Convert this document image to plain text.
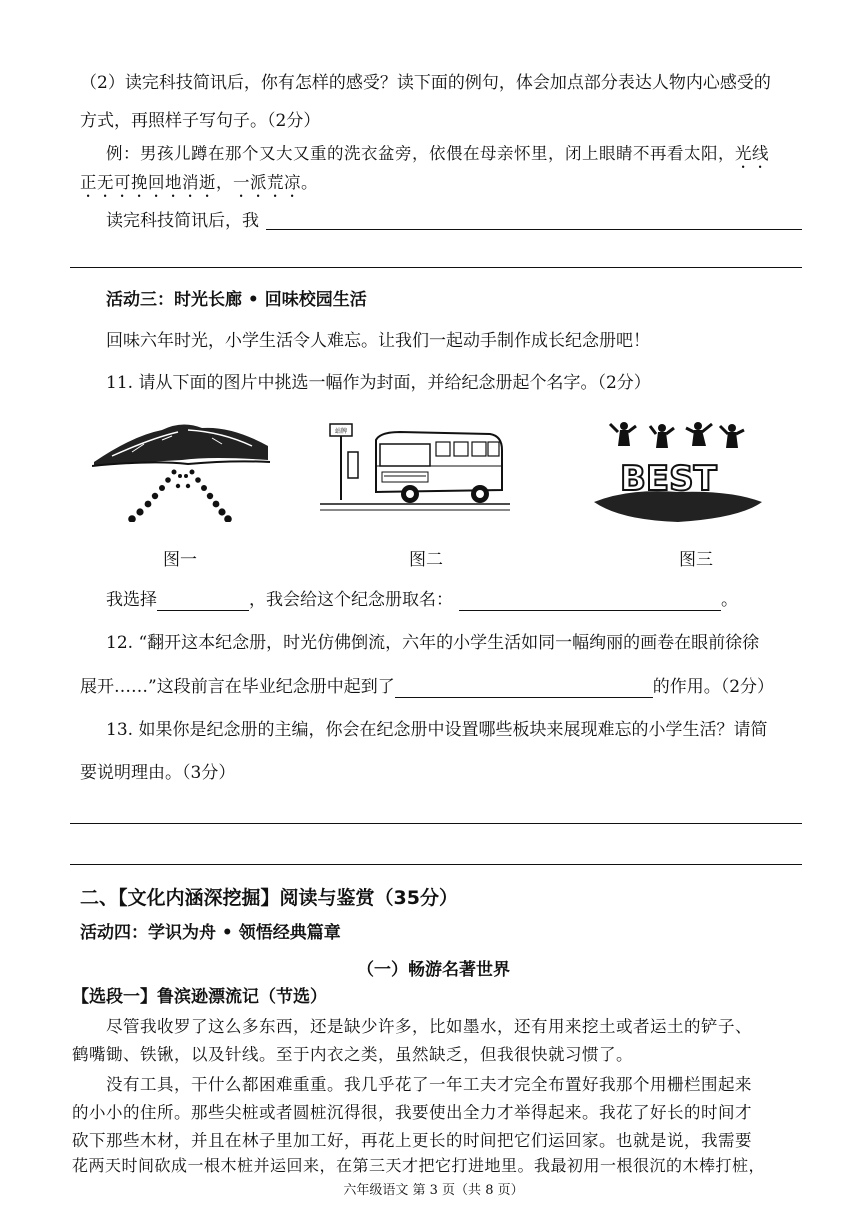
（2）读完科技简讯后，你有怎样的感受？读下面的例句，体会加点部分表达人物内心感受的
方式，再照样子写句子。（2分）
例：男孩儿蹲在那个又大又重的洗衣盆旁，依偎在母亲怀里，闭上眼睛不再看太阳，光线
正无可挽回地消逝，一派荒凉。
读完科技简讯后，我
活动三：时光长廊 • 回味校园生活
回味六年时光，小学生活令人难忘。让我们一起动手制作成长纪念册吧！
11. 请从下面的图片中挑选一幅作为封面，并给纪念册起个名字。（2分）
站牌
BEST
图一	图二	图三
我选择	，我会给这个纪念册取名：	。
12. “翻开这本纪念册，时光仿佛倒流，六年的小学生活如同一幅绚丽的画卷在眼前徐徐
展开……”这段前言在毕业纪念册中起到了	的作用。（2分）
13. 如果你是纪念册的主编，你会在纪念册中设置哪些板块来展现难忘的小学生活？请简
要说明理由。（3分）
二、【文化内涵深挖掘】阅读与鉴赏（35分）
活动四：学识为舟 • 领悟经典篇章
（一）畅游名著世界
【选段一】鲁滨逊漂流记（节选）
尽管我收罗了这么多东西，还是缺少许多，比如墨水，还有用来挖土或者运土的铲子、
鹤嘴锄、铁锹，以及针线。至于内衣之类，虽然缺乏，但我很快就习惯了。
没有工具，干什么都困难重重。我几乎花了一年工夫才完全布置好我那个用栅栏围起来
的小小的住所。那些尖桩或者圆桩沉得很，我要使出全力才举得起来。我花了好长的时间才
砍下那些木材，并且在林子里加工好，再花上更长的时间把它们运回家。也就是说，我需要
花两天时间砍成一根木桩并运回来，在第三天才把它打进地里。我最初用一根很沉的木棒打桩，
六年级语文 第 3 页（共 8 页）
